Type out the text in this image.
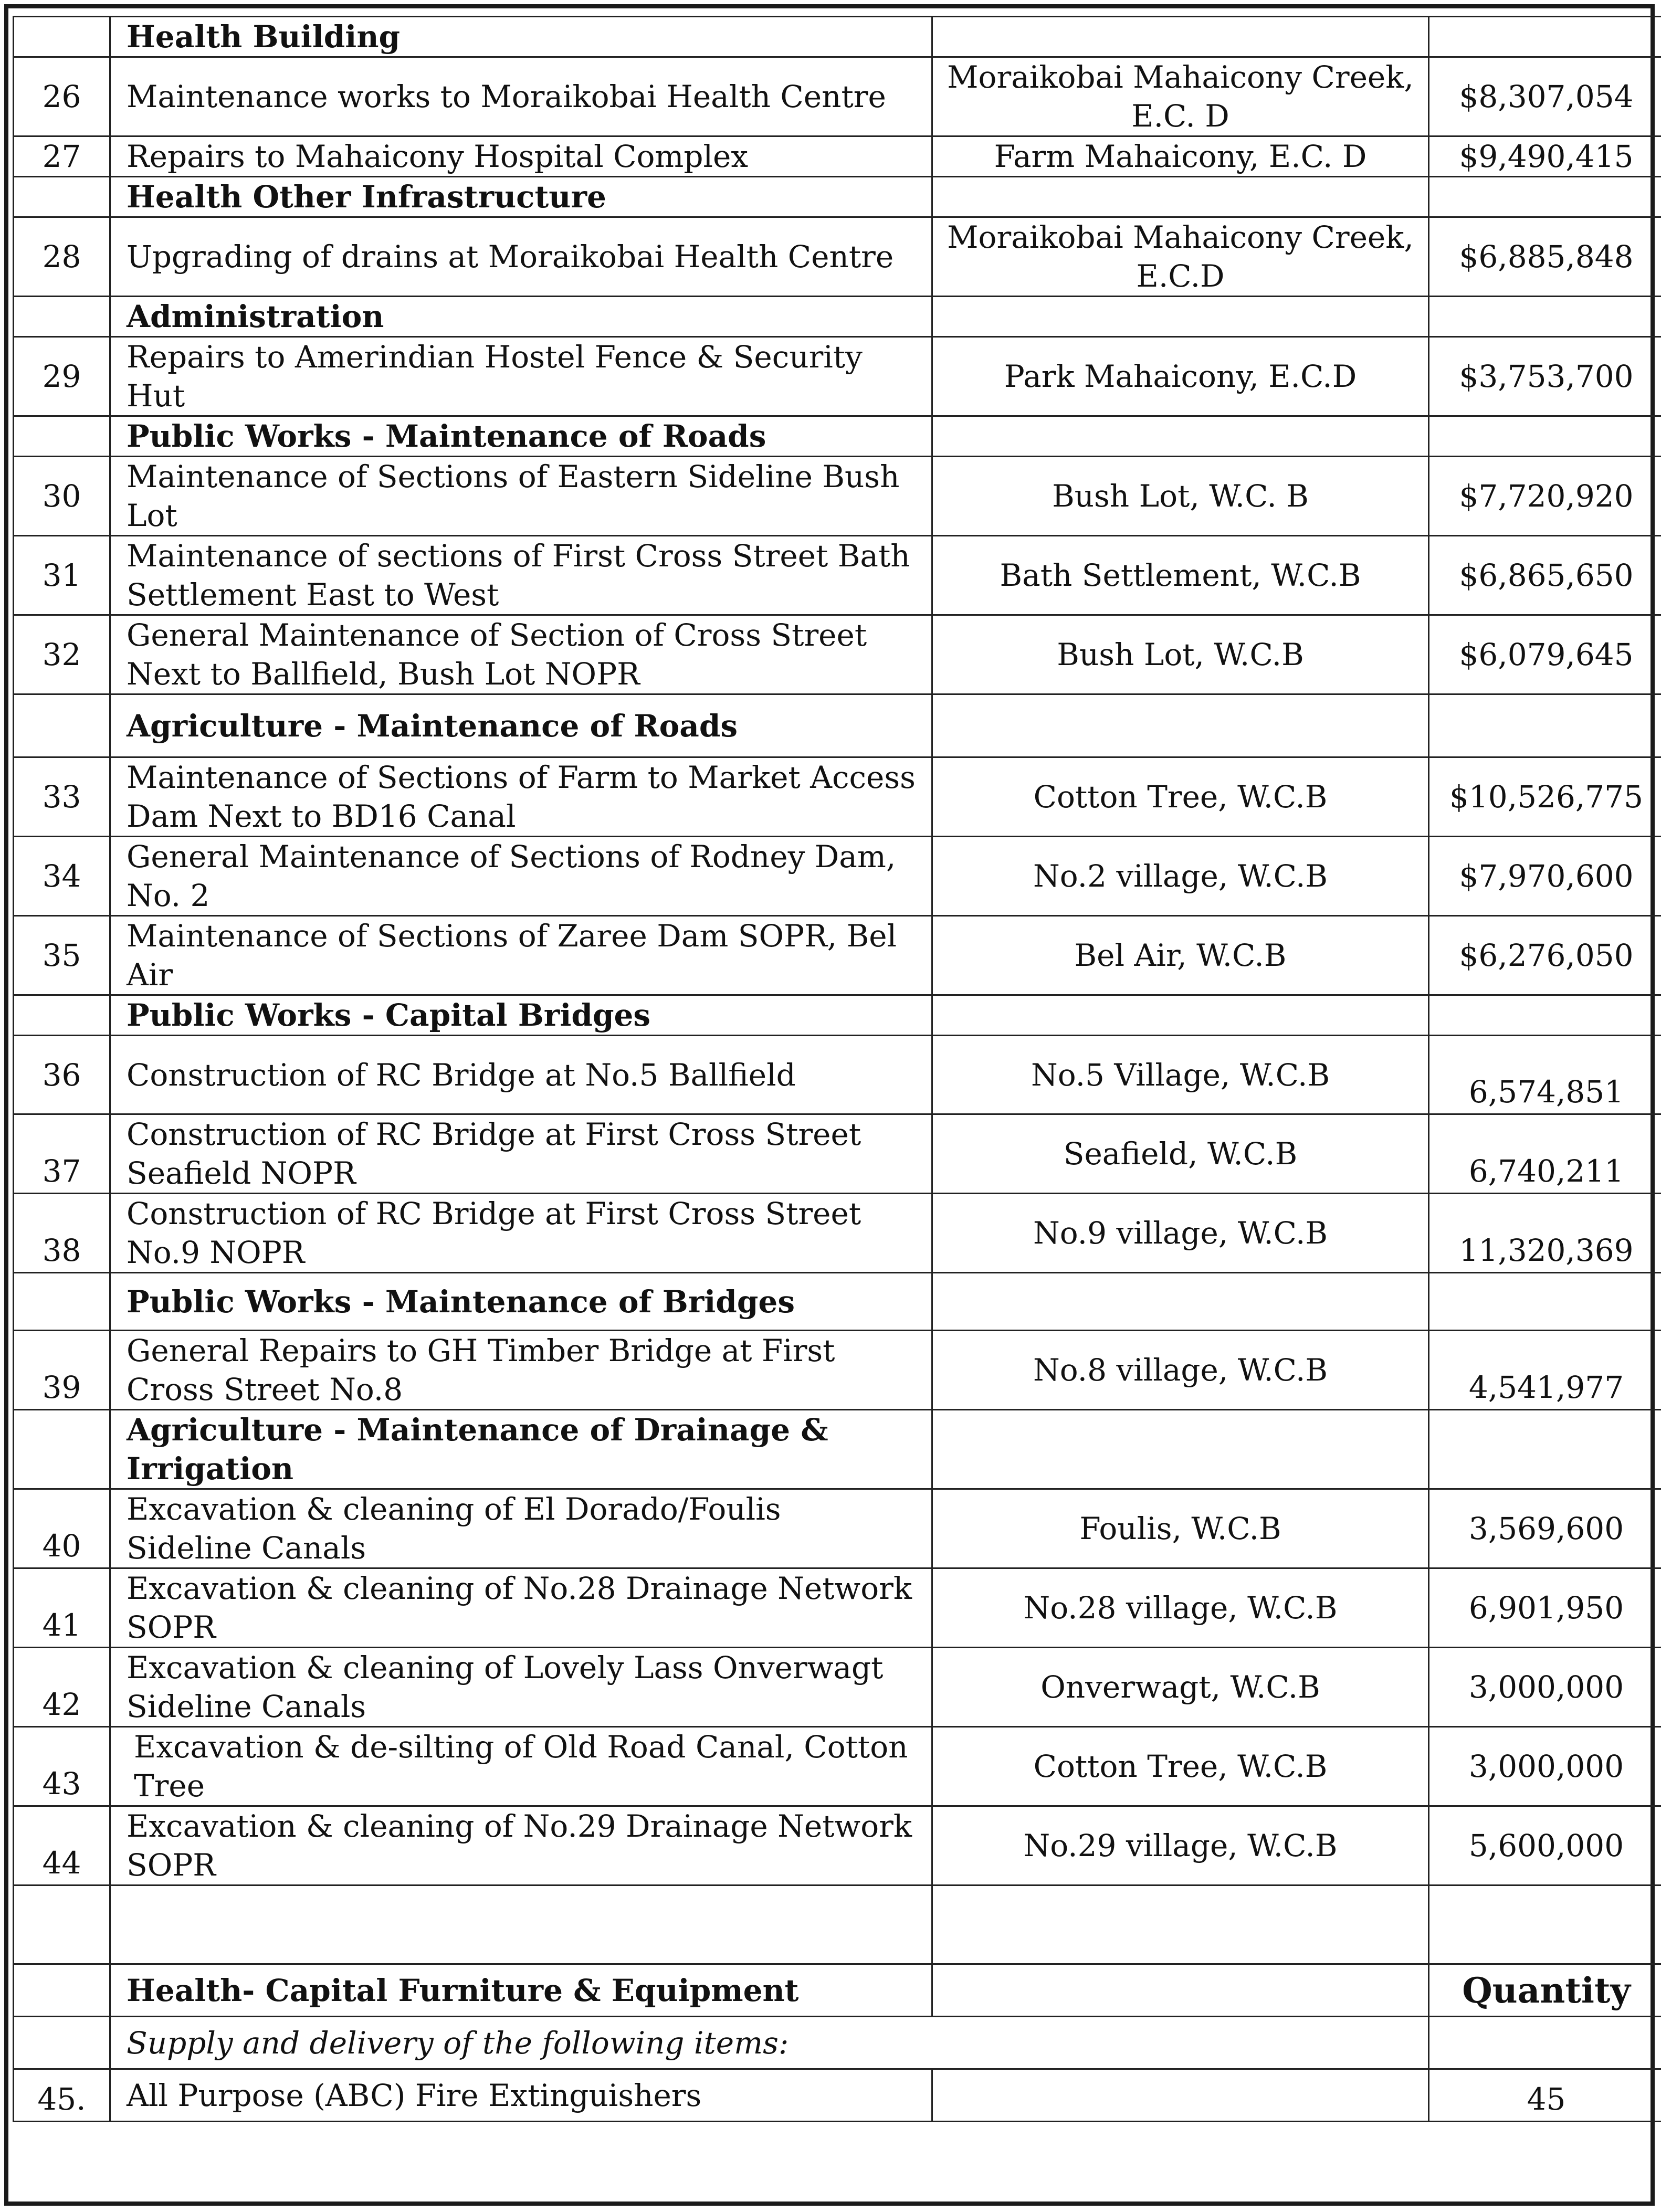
	Health Building		
26	Maintenance works to Moraikobai Health Centre	Moraikobai Mahaicony Creek, E.C. D	$8,307,054
27	Repairs to Mahaicony Hospital Complex	Farm Mahaicony, E.C. D	$9,490,415
	Health Other Infrastructure		
28	Upgrading of drains at Moraikobai Health Centre	Moraikobai Mahaicony Creek, E.C.D	$6,885,848
	Administration		
29	Repairs to Amerindian Hostel Fence & Security Hut	Park Mahaicony, E.C.D	$3,753,700
	Public Works - Maintenance of Roads		
30	Maintenance of Sections of Eastern Sideline Bush Lot	Bush Lot, W.C. B	$7,720,920
31	Maintenance of sections of First Cross Street Bath Settlement East to West	Bath Settlement, W.C.B	$6,865,650
32	General Maintenance of Section of Cross Street Next to Ballfield, Bush Lot NOPR	Bush Lot, W.C.B	$6,079,645
	Agriculture - Maintenance of Roads		
33	Maintenance of Sections of Farm to Market Access Dam Next to BD16 Canal	Cotton Tree, W.C.B	$10,526,775
34	General Maintenance of Sections of Rodney Dam, No. 2	No.2 village, W.C.B	$7,970,600
35	Maintenance of Sections of Zaree Dam SOPR, Bel Air	Bel Air, W.C.B	$6,276,050
	Public Works - Capital Bridges		
36	Construction of RC Bridge at No.5 Ballfield	No.5 Village, W.C.B	6,574,851
37	Construction of RC Bridge at First Cross Street Seafield NOPR	Seafield, W.C.B	6,740,211
38	Construction of RC Bridge at First Cross Street No.9 NOPR	No.9 village, W.C.B	11,320,369
	Public Works - Maintenance of Bridges		
39	General Repairs to GH Timber Bridge at First Cross Street No.8	No.8 village, W.C.B	4,541,977
	Agriculture - Maintenance of Drainage & Irrigation		
40	Excavation & cleaning of El Dorado/Foulis Sideline Canals	Foulis, W.C.B	3,569,600
41	Excavation & cleaning of No.28 Drainage Network SOPR	No.28 village, W.C.B	6,901,950
42	Excavation & cleaning of Lovely Lass Onverwagt Sideline Canals	Onverwagt, W.C.B	3,000,000
43	Excavation & de-silting of Old Road Canal, Cotton Tree	Cotton Tree, W.C.B	3,000,000
44	Excavation & cleaning of No.29 Drainage Network SOPR	No.29 village, W.C.B	5,600,000

	Health- Capital Furniture & Equipment		Quantity
	Supply and delivery of the following items:		
45.	All Purpose (ABC) Fire Extinguishers		45
